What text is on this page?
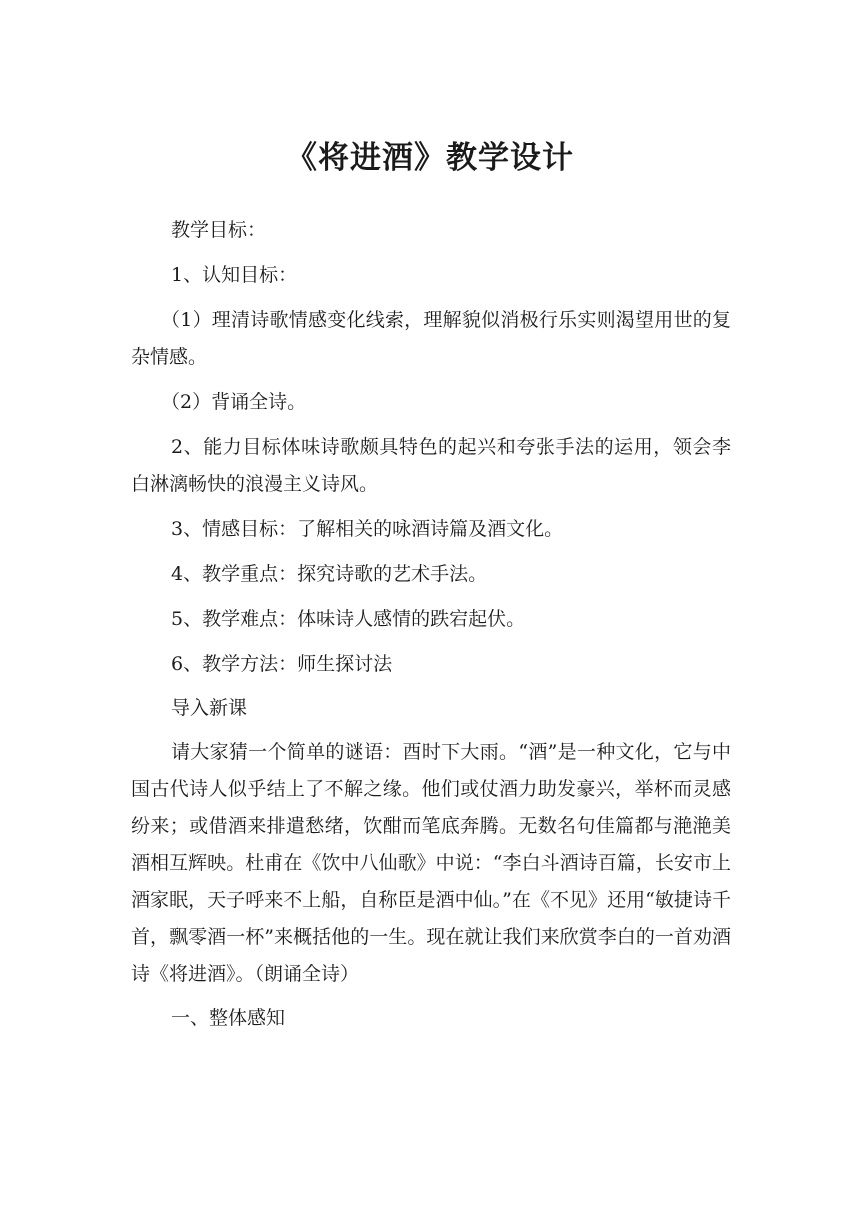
《将进酒》教学设计

教学目标：

1、认知目标：

（1）理清诗歌情感变化线索，理解貌似消极行乐实则渴望用世的复杂情感。

（2）背诵全诗。

2、能力目标体味诗歌颇具特色的起兴和夸张手法的运用，领会李白淋漓畅快的浪漫主义诗风。

3、情感目标：了解相关的咏酒诗篇及酒文化。

4、教学重点：探究诗歌的艺术手法。

5、教学难点：体味诗人感情的跌宕起伏。

6、教学方法：师生探讨法

导入新课

请大家猜一个简单的谜语：酉时下大雨。“酒”是一种文化，它与中国古代诗人似乎结上了不解之缘。他们或仗酒力助发豪兴，举杯而灵感纷来；或借酒来排遣愁绪，饮酣而笔底奔腾。无数名句佳篇都与滟滟美酒相互辉映。杜甫在《饮中八仙歌》中说：“李白斗酒诗百篇，长安市上酒家眠，天子呼来不上船，自称臣是酒中仙。”在《不见》还用“敏捷诗千首，飘零酒一杯”来概括他的一生。现在就让我们来欣赏李白的一首劝酒诗《将进酒》。（朗诵全诗）

一、整体感知
